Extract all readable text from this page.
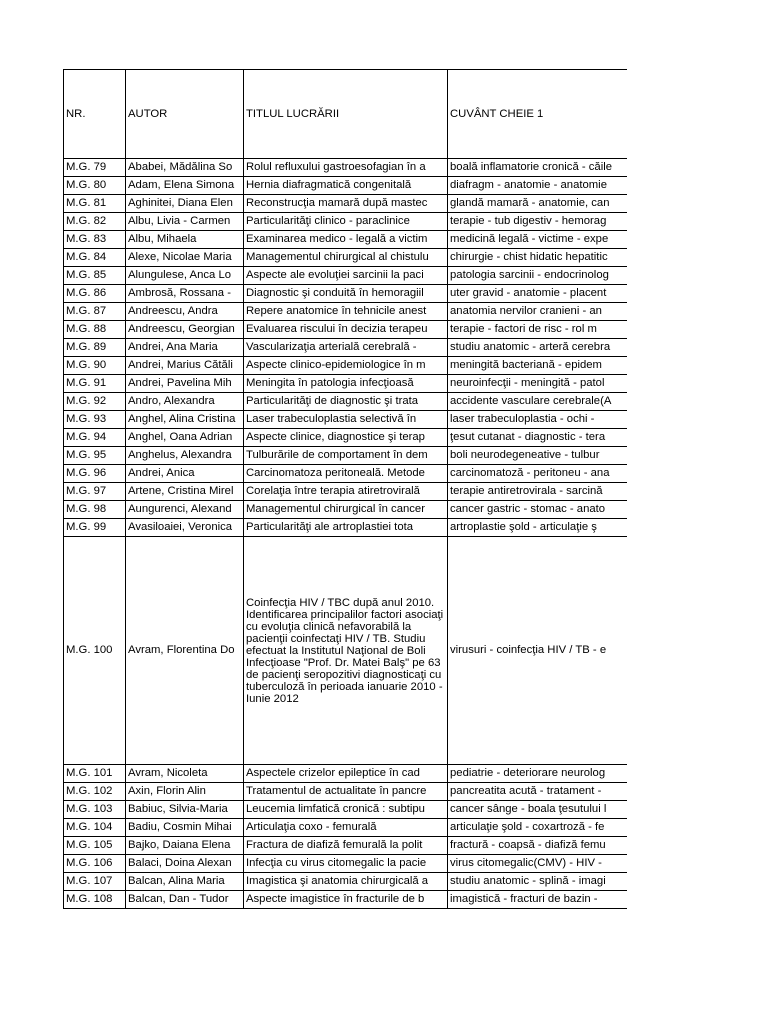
NR.	AUTOR	TITLUL LUCRĂRII	CUVÂNT CHEIE 1
M.G. 79	Ababei, Mădălina So	Rolul refluxului gastroesofagian în a	boală inflamatorie cronică - căile
M.G. 80	Adam, Elena Simona	Hernia diafragmatică congenitală	diafragm - anatomie - anatomie
M.G. 81	Aghinitei, Diana Elen	Reconstrucţia mamară după mastec	glandă mamară - anatomie, can
M.G. 82	Albu, Livia - Carmen	Particularităţi clinico - paraclinice	terapie - tub digestiv - hemorag
M.G. 83	Albu, Mihaela	Examinarea medico - legală a victim	medicină legală - victime - expe
M.G. 84	Alexe, Nicolae Maria	Managementul chirurgical al chistulu	chirurgie - chist hidatic hepatitic
M.G. 85	Alungulese, Anca Lo	Aspecte ale evoluţiei sarcinii la paci	patologia sarcinii - endocrinolog
M.G. 86	Ambrosă, Rossana -	Diagnostic şi conduită în hemoragiil	uter gravid - anatomie - placent
M.G. 87	Andreescu, Andra	Repere anatomice în tehnicile anest	anatomia nervilor cranieni - an
M.G. 88	Andreescu, Georgian	Evaluarea riscului în decizia terapeu	terapie - factori de risc - rol m
M.G. 89	Andrei, Ana Maria	Vascularizaţia arterială cerebrală -	studiu anatomic - arteră cerebra
M.G. 90	Andrei, Marius Cătăli	Aspecte clinico-epidemiologice în m	meningită bacteriană - epidem
M.G. 91	Andrei, Pavelina Mih	Meningita în patologia infecţioasă	neuroinfecţii - meningită - patol
M.G. 92	Andro, Alexandra	Particularităţi de diagnostic şi trata	accidente vasculare cerebrale(A
M.G. 93	Anghel, Alina Cristina	Laser trabeculoplastia selectivă în	laser trabeculoplastia - ochi -
M.G. 94	Anghel, Oana Adrian	Aspecte clinice, diagnostice şi terap	ţesut cutanat - diagnostic - tera
M.G. 95	Anghelus, Alexandra	Tulburările de comportament în dem	boli neurodegeneative - tulbur
M.G. 96	Andrei, Anica	Carcinomatoza peritoneală. Metode	carcinomatoză - peritoneu - ana
M.G. 97	Artene, Cristina Mirel	Corelaţia între terapia atiretrovirală	terapie antiretrovirala - sarcină
M.G. 98	Aungurenci, Alexand	Managementul chirurgical în cancer	cancer gastric - stomac - anato
M.G. 99	Avasiloaiei, Veronica	Particularităţi ale artroplastiei tota	artroplastie şold - articulaţie ş
M.G. 100	Avram, Florentina Do	Coinfecţia HIV / TBC după anul 2010. Identificarea principalilor factori asociaţi cu evoluţia clinică nefavorabilă la pacienţii coinfectaţi HIV / TB. Studiu efectuat la Institutul Naţional de Boli Infecţioase "Prof. Dr. Matei Balş" pe 63 de pacienţi seropozitivi diagnosticaţi cu tuberculoză în perioada ianuarie 2010 - Iunie 2012	virusuri - coinfecţia HIV / TB - e
M.G. 101	Avram, Nicoleta	Aspectele crizelor epileptice în cad	pediatrie - deteriorare neurolog
M.G. 102	Axin, Florin Alin	Tratamentul de actualitate în pancre	pancreatita acută - tratament -
M.G. 103	Babiuc, Silvia-Maria	Leucemia limfatică cronică : subtipu	cancer sânge - boala ţesutului l
M.G. 104	Badiu, Cosmin Mihai	Articulaţia coxo - femurală	articulaţie şold - coxartroză - fe
M.G. 105	Bajko, Daiana Elena	Fractura de diafiză femurală la polit	fractură - coapsă - diafiză femu
M.G. 106	Balaci, Doina Alexan	Infecţia cu virus citomegalic la pacie	virus citomegalic(CMV) - HIV -
M.G. 107	Balcan, Alina Maria	Imagistica şi anatomia chirurgicală a	studiu anatomic - splină - imagi
M.G. 108	Balcan, Dan - Tudor	Aspecte imagistice în fracturile de b	imagistică - fracturi de bazin -
